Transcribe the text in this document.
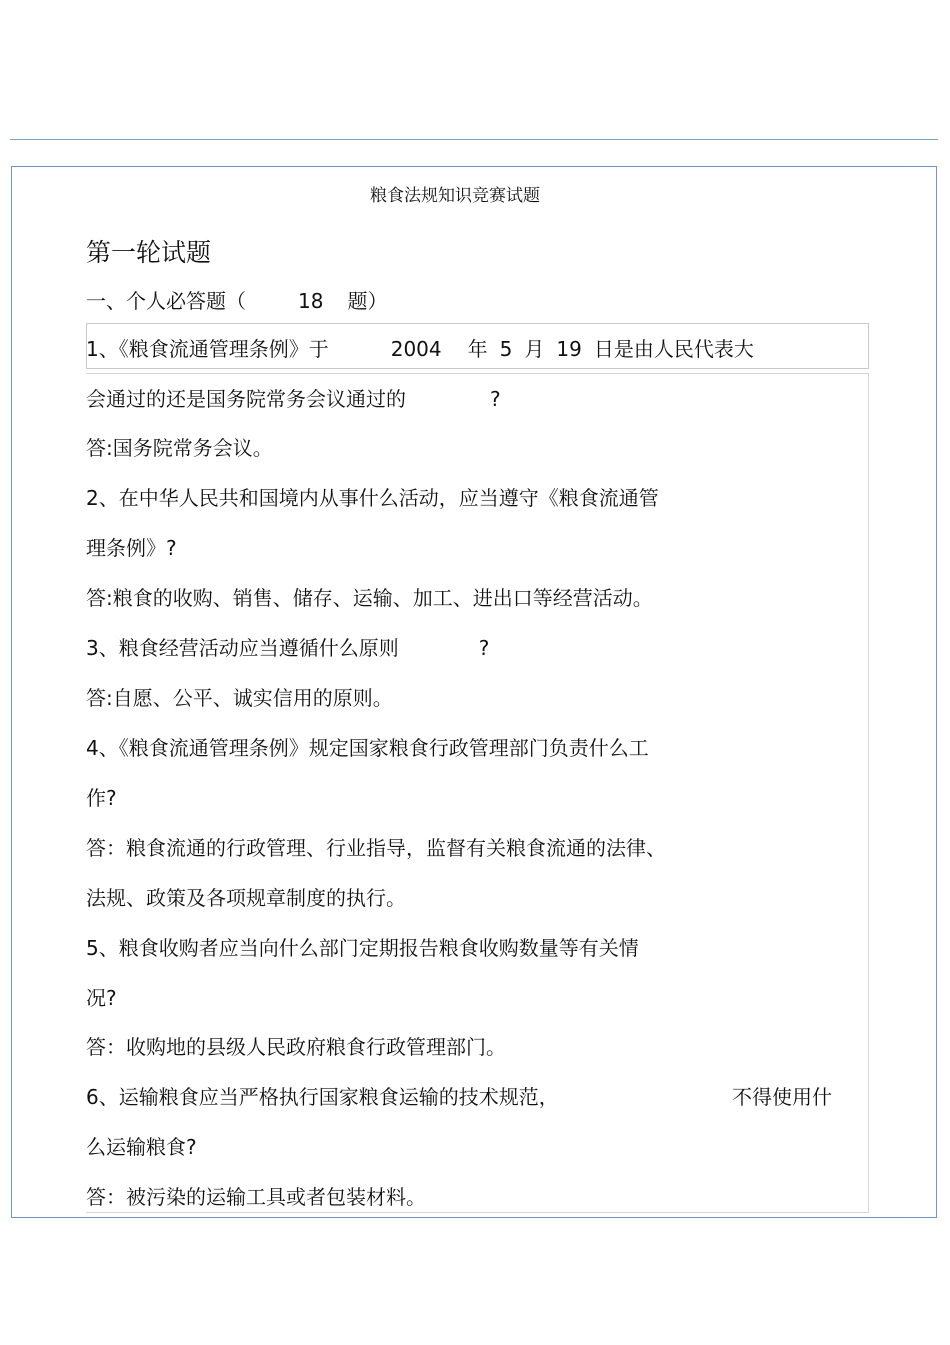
粮食法规知识竞赛试题
第一轮试题
一、个人必答题（	18 题）
1、《粮食流通管理条例》于	2004 年 5 月 19 日是由人民代表大
会通过的还是国务院常务会议通过的	?
答:国务院常务会议。
2、在中华人民共和国境内从事什么活动，应当遵守《粮食流通管
理条例》?
答:粮食的收购、销售、储存、运输、加工、进出口等经营活动。
3、粮食经营活动应当遵循什么原则	?
答:自愿、公平、诚实信用的原则。
4、《粮食流通管理条例》规定国家粮食行政管理部门负责什么工
作?
答：粮食流通的行政管理、行业指导，监督有关粮食流通的法律、
法规、政策及各项规章制度的执行。
5、粮食收购者应当向什么部门定期报告粮食收购数量等有关情
况?
答：收购地的县级人民政府粮食行政管理部门。
6、运输粮食应当严格执行国家粮食运输的技术规范，	不得使用什
么运输粮食?
答：被污染的运输工具或者包装材料。
